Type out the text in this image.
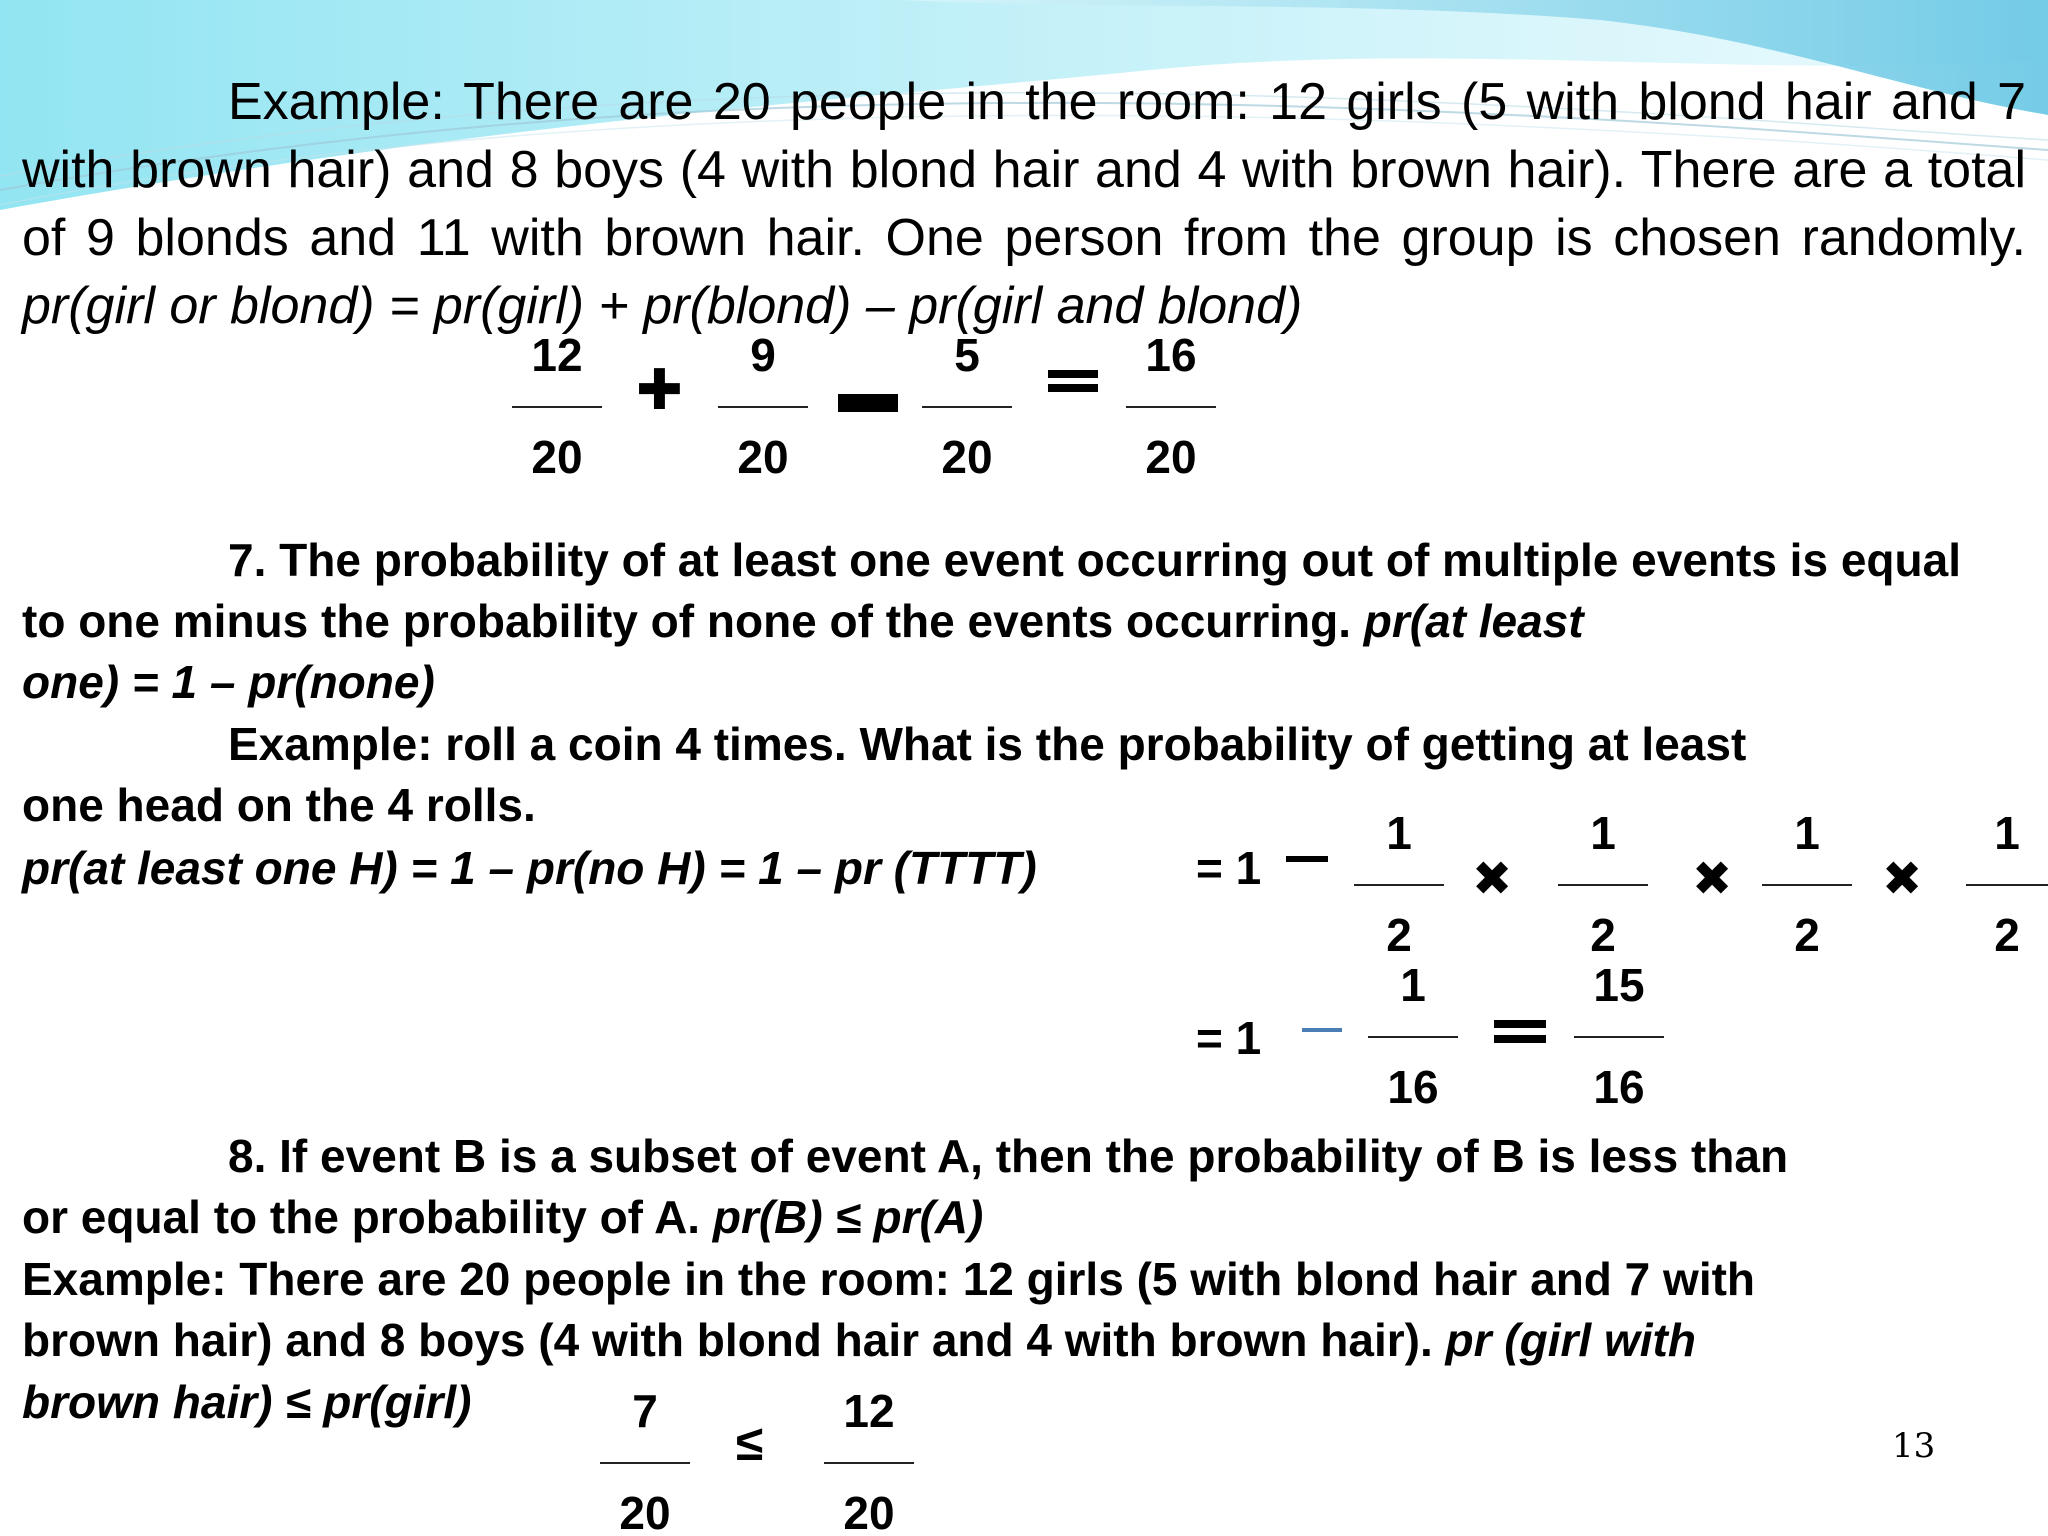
Example: There are 20 people in the room: 12 girls (5 with blond hair and 7 with brown hair) and 8 boys (4 with blond hair and 4 with brown hair). There are a total of 9 blonds and 11 with brown hair. One person from the group is chosen randomly. pr(girl or blond) = pr(girl) + pr(blond) – pr(girl and blond)
12
20
✚
9
20
▬
5
20
16
20
7. The probability of at least one event occurring out of multiple events is equal to one minus the probability of none of the events occurring. pr(at least
one) = 1 – pr(none)
Example: roll a coin 4 times. What is the probability of getting at least
one head on the 4 rolls.
pr(at least one H) = 1 – pr(no H) = 1 – pr (TTTT)	= 1
1
2
✖
1
2
✖
1
2
✖
1
2
= 1
1
16
15
16
8. If event B is a subset of event A, then the probability of B is less than
or equal to the probability of A. pr(B) ≤ pr(A)
Example: There are 20 people in the room: 12 girls (5 with blond hair and 7 with
brown hair) and 8 boys (4 with blond hair and 4 with brown hair). pr (girl with
brown hair) ≤ pr(girl)	7
20
≤
12
20
13
